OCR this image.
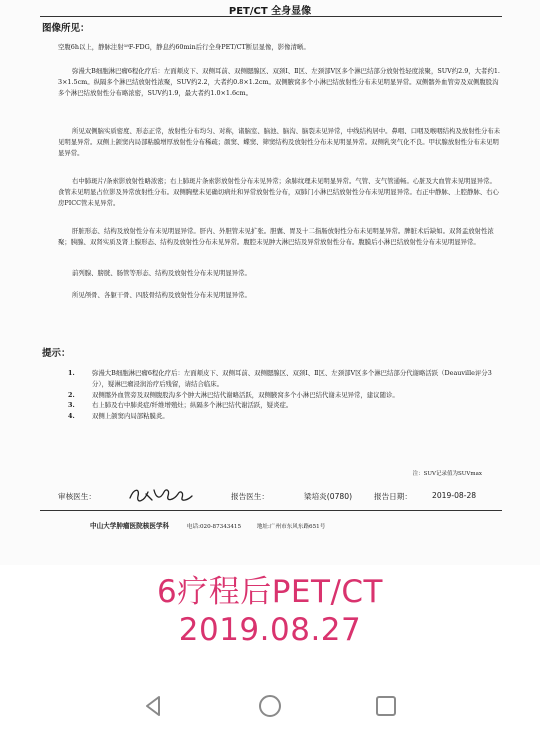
PET/CT 全身显像
图像所见：

空腹6h以上，静脉注射¹⁸F-FDG，静息约60min后行全身PET/CT断层显像，影像清晰。

弥漫大B细胞淋巴瘤6程化疗后：左面颊皮下、双侧耳前、双侧腮腺区、双颈Ⅰ、Ⅱ区、左颈部Ⅴ区多个淋巴结部分放射性轻度浓聚，SUV约2.9，大者约1.3×1.5cm。纵隔多个淋巴结放射性浓聚，SUV约2.2，大者约0.8×1.2cm。双侧腋窝多个小淋巴结放射性分布未见明显异常。双侧髂外血管旁及双侧腹股沟多个淋巴结放射性分布略浓密，SUV约1.9，最大者约1.0×1.6cm。

所见双侧脑实质密度、形态正常，放射性分布均匀、对称，诸脑室、脑池、脑沟、脑裂未见异常，中线结构居中。鼻咽、口咽及喉咽结构及放射性分布未见明显异常。双侧上颌窦内局部粘膜增厚放射性分布稀疏；颜窦、蝶窦、筛窦结构及放射性分布未见明显异常。双侧乳突气化不良。甲状腺放射性分布未见明显异常。

右中肺斑片/条索影放射性略浓密；右上肺斑片条索影放射性分布未见异常；余肺纹理未见明显异常。气管、支气管通畅。心脏及大血管未见明显异常。食管未见明显占位影及异常放射性分布。双侧胸壁未见确切病灶和异常放射性分布，双肺门小淋巴结放射性分布未见明显异常。右正中静脉、上腔静脉、右心房PICC管未见异常。

肝脏形态、结构及放射性分布未见明显异常。肝内、外胆管未见扩张。胆囊、胃及十二指肠放射性分布未见明显异常。脾脏术后缺如。双肾盂放射性浓聚；胰腺、双肾实质及肾上腺形态、结构及放射性分布未见异常。腹腔未见肿大淋巴结及异常放射性分布。腹膜后小淋巴结放射性分布未见明显异常。

前列腺、膀胱、肠管等形态、结构及放射性分布未见明显异常。

所见颅骨、各躯干骨、四肢骨结构及放射性分布未见明显异常。

提示：
1.	弥漫大B细胞淋巴瘤6程化疗后：左面颊皮下、双侧耳前、双侧腮腺区、双颈Ⅰ、Ⅱ区、左颈部Ⅴ区多个淋巴结部分代谢略活跃（Deauville评分3分），疑淋巴瘤浸润治疗后残留，请结合临床。
2.	双侧髂外血管旁及双侧腹股沟多个肿大淋巴结代谢略活跃，双侧腋窝多个小淋巴结代谢未见异常，建议随诊。
3.	右上肺及右中肺炎症/纤维增殖灶；纵隔多个淋巴结代谢活跃，疑炎症。
4.	双侧上颌窦内局部粘膜炎。
注：SUV记录值为SUVmax
审核医生：	报告医生：	梁培炎(0780)	报告日期：	2019-08-28
中山大学肿瘤医院核医学科	电话:020-87343415	地址:广州市东风东路651号
6疗程后PET/CT
2019.08.27
